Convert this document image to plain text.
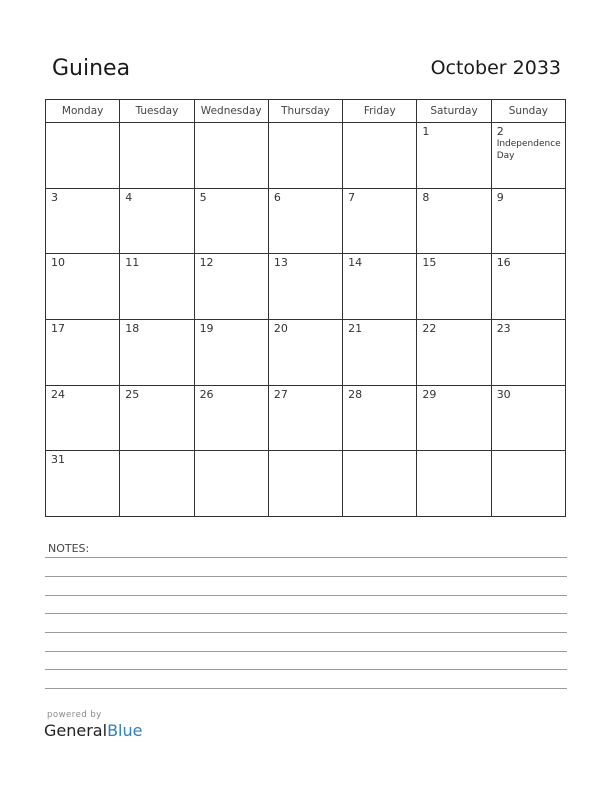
Guinea	October 2033
Monday	Tuesday	Wednesday	Thursday	Friday	Saturday	Sunday

					1	2
Independence Day

3	4	5	6	7	8	9

10	11	12	13	14	15	16

17	18	19	20	21	22	23

24	25	26	27	28	29	30

31						

NOTES:
powered by
GeneralBlue
